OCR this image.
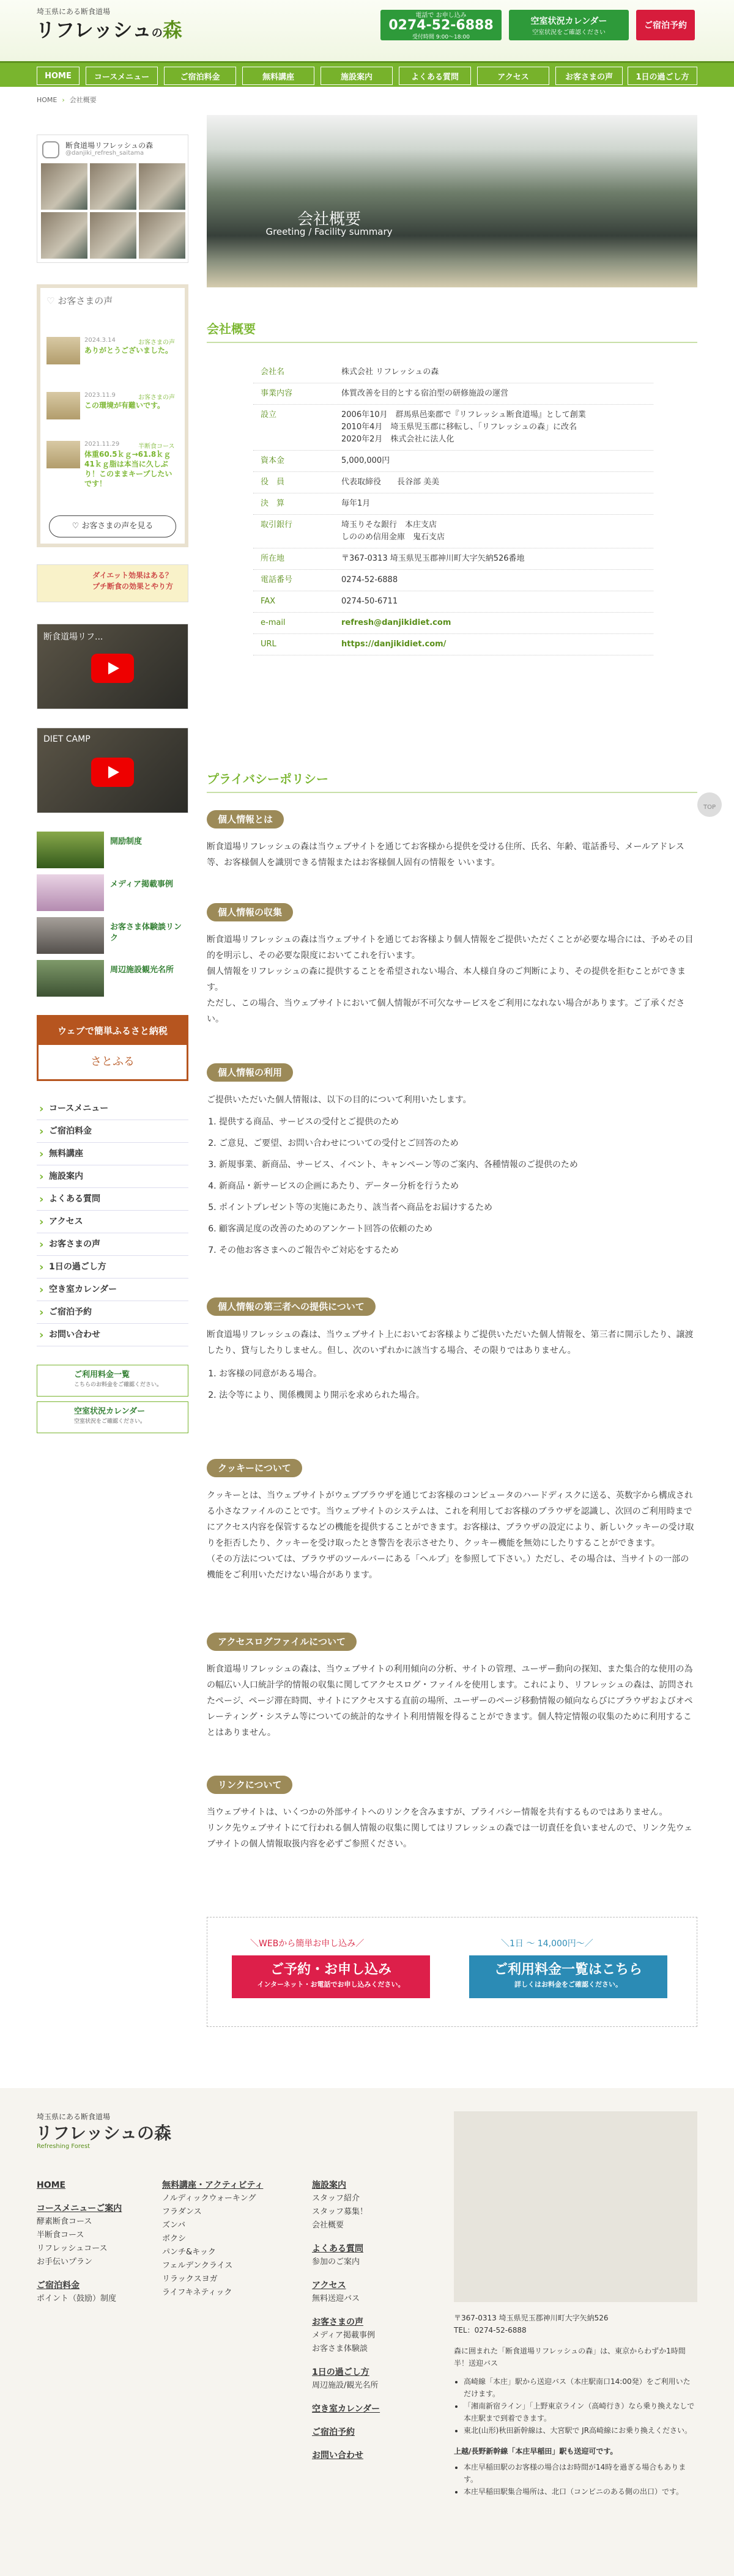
埼玉県にある断食道場
リフレッシュの森
電話で お申し込み
0274-52-6888
受付時間 9:00～18:00
空室状況カレンダー
空室状況をご確認ください
ご宿泊予約
HOME	コースメニュー	ご宿泊料金	無料講座	施設案内	よくある質問	アクセス	お客さまの声	1日の過ごし方
HOME › 会社概要
断食道場リフレッシュの森
@danjiki_refresh_saitama
♡ お客さまの声
2024.3.14	お客さまの声
ありがとうございました。
2023.11.9	お客さまの声
この環境が有難いです。
2021.11.29	半断食コース
体重60.5ｋｇ→61.8ｋｇ 41ｋｇ脂は本当に久しぶり！このままキープしたいです！
♡ お客さまの声を見る
ダイエット効果はある？
プチ断食の効果とやり方
断食道場リフ...
DIET CAMP
開励制度
メディア掲載事例
お客さま体験談リンク
周辺施設観光名所
ウェブで簡単ふるさと納税
さとふる
› コースメニュー
› ご宿泊料金
› 無料講座
› 施設案内
› よくある質問
› アクセス
› お客さまの声
› 1日の過ごし方
› 空き室カレンダー
› ご宿泊予約
› お問い合わせ
ご利用料金一覧
こちらのお料金をご確認ください。
空室状況カレンダー
空室状況をご確認ください。
会社概要
Greeting / Facility summary
会社概要
会社名	株式会社 リフレッシュの森
事業内容	体質改善を目的とする宿泊型の研修施設の運営
設立	2006年10月　群馬県邑楽郡で『リフレッシュ断食道場』として創業
2010年4月　埼玉県児玉郡に移転し、「リフレッシュの森」に改名
2020年2月　株式会社に法人化
資本金	5,000,000円
役　員	代表取締役　　長谷部 美美
決　算	毎年1月
取引銀行	埼玉りそな銀行　本庄支店
しののめ信用金庫　鬼石支店
所在地	〒367-0313 埼玉県児玉郡神川町大字矢納526番地
電話番号	0274-52-6888
FAX	0274-50-6711
e-mail	refresh@danjikidiet.com
URL	https://danjikidiet.com/
プライバシーポリシー
TOP
個人情報とは
断食道場リフレッシュの森は当ウェブサイトを通じてお客様から提供を受ける住所、氏名、年齢、電話番号、メールアドレス等、お客様個人を識別できる情報またはお客様個人固有の情報を いいます。
個人情報の収集
断食道場リフレッシュの森は当ウェブサイトを通じてお客様より個人情報をご提供いただくことが必要な場合には、予めその目的を明示し、その必要な限度においてこれを行います。
個人情報をリフレッシュの森に提供することを希望されない場合、本人様自身のご判断により、その提供を拒むことができます。
ただし、この場合、当ウェブサイトにおいて個人情報が不可欠なサービスをご利用になれない場合があります。ご了承ください。
個人情報の利用
ご提供いただいた個人情報は、以下の目的について利用いたします。
1. 提供する商品、サービスの受付とご提供のため
2. ご意見、ご要望、お問い合わせについての受付とご回答のため
3. 新規事業、新商品、サービス、イベント、キャンペーン等のご案内、各種情報のご提供のため
4. 新商品・新サービスの企画にあたり、データー分析を行うため
5. ポイントプレゼント等の実施にあたり、該当者へ商品をお届けするため
6. 顧客満足度の改善のためのアンケート回答の依頼のため
7. その他お客さまへのご報告やご対応をするため
個人情報の第三者への提供について
断食道場リフレッシュの森は、当ウェブサイト上においてお客様よりご提供いただいた個人情報を、第三者に開示したり、譲渡したり、貸与したりしません。但し、次のいずれかに該当する場合、その限りではありません。
1. お客様の同意がある場合。
2. 法令等により、関係機関より開示を求められた場合。
クッキーについて
クッキーとは、当ウェブサイトがウェブブラウザを通じてお客様のコンピュータのハードディスクに送る、英数字から構成される小さなファイルのことです。当ウェブサイトのシステムは、これを利用してお客様のブラウザを認識し、次回のご利用時までにアクセス内容を保管するなどの機能を提供することができます。お客様は、ブラウザの設定により、新しいクッキーの受け取りを拒否したり、クッキーを受け取ったとき警告を表示させたり、クッキー機能を無効にしたりすることができます。
（その方法については、ブラウザのツールバーにある「ヘルプ」を参照して下さい。）ただし、その場合は、当サイトの一部の機能をご利用いただけない場合があります。
アクセスログファイルについて
断食道場リフレッシュの森は、当ウェブサイトの利用傾向の分析、サイトの管理、ユーザー動向の探知、また集合的な使用の為の幅広い人口統計学的情報の収集に関してアクセスログ・ファイルを使用します。これにより、リフレッシュの森は、訪問されたページ、ページ滞在時間、サイトにアクセスする直前の場所、ユーザーのページ移動情報の傾向ならびにブラウザおよびオペレーティング・システム等についての統計的なサイト利用情報を得ることができます。個人特定情報の収集のために利用することはありません。
リンクについて
当ウェブサイトは、いくつかの外部サイトへのリンクを含みますが、プライバシー情報を共有するものではありません。
リンク先ウェブサイトにて行われる個人情報の収集に関してはリフレッシュの森では一切責任を負いませんので、リンク先ウェブサイトの個人情報取扱内容を必ずご参照ください。
＼WEBから簡単お申し込み／
ご予約・お申し込み
インターネット・お電話でお申し込みください。
＼1日 〜 14,000円〜／
ご利用料金一覧はこちら
詳しくはお料金をご確認ください。
埼玉県にある断食道場
リフレッシュの森
Refreshing Forest
HOME
コースメニューご案内
酵素断食コース
半断食コース
リフレッシュコース
お手伝いプラン
ご宿泊料金
ポイント（鼓励）制度
無料講座・アクティビティ
ノルディックウォーキング
フラダンス
ズンバ
ボクシ
パンチ&キック
フェルデンクライス
リラックスヨガ
ライフキネティック
施設案内
スタッフ紹介
スタッフ募集！
会社概要
よくある質問
参加のご案内
アクセス
無料送迎バス
お客さまの声
メディア掲載事例
お客さま体験談
1日の過ごし方
周辺施設/観光名所
空き室カレンダー
ご宿泊予約
お問い合わせ
〒367-0313 埼玉県児玉郡神川町大字矢納526
TEL：0274-52-6888
森に囲まれた「断食道場リフレッシュの森」は、東京からわずか1時間半！送迎バス
• 高崎線「本庄」駅から送迎バス（本庄駅南口14:00発）をご利用いただけます。
• 「湘南新宿ライン」「上野東京ライン（高崎行き）なら乗り換えなしで本庄駅まで到着できます。
• 東北(山形)秋田新幹線は、大宮駅で JR高崎線にお乗り換えください。
上越/長野新幹線「本庄早稲田」駅も送迎可です。
• 本庄早稲田駅のお客様の場合はお時間が14時を過ぎる場合もあります。
• 本庄早稲田駅集合場所は、北口（コンビニのある側の出口）です。
